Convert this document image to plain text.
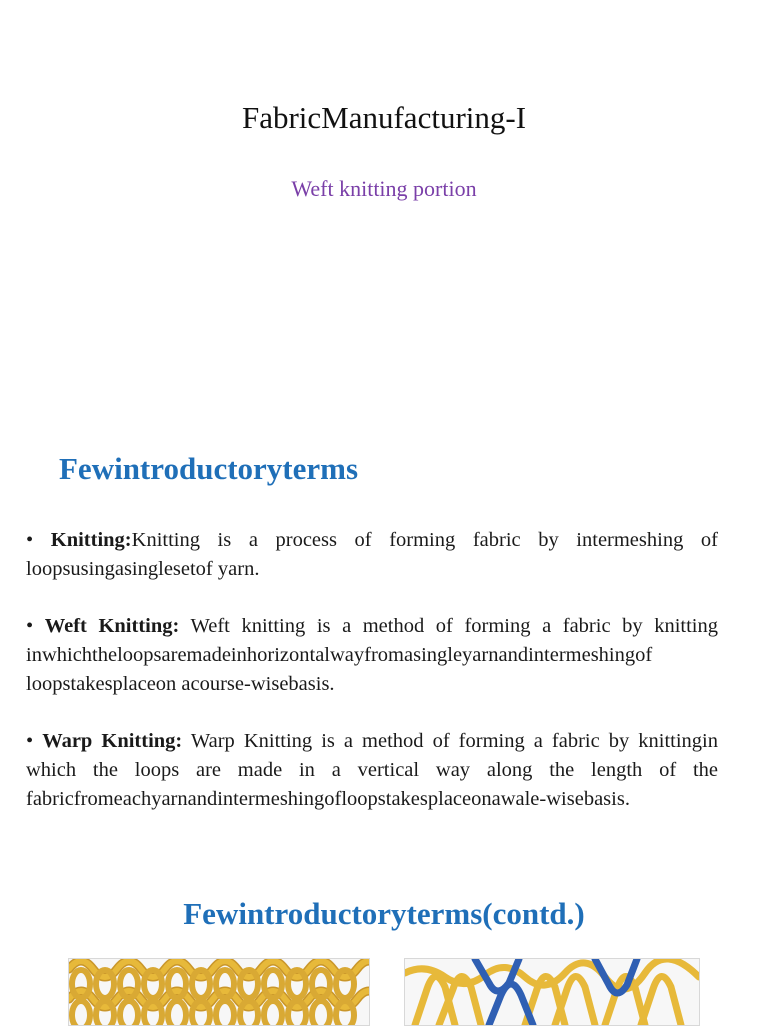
FabricManufacturing-I
Weft knitting portion
Fewintroductoryterms
• Knitting:Knitting is a process of forming fabric by intermeshing of loopsusingasinglesetof yarn.
• Weft Knitting: Weft knitting is a method of forming a fabric by knitting inwhichtheloopsaremadeinhorizontalwayfromasingleyarnandintermeshingof loopstakesplaceon acourse-wisebasis.
• Warp Knitting: Warp Knitting is a method of forming a fabric by knittingin which the loops are made in a vertical way along the length of the fabricfromeachyarnandintermeshingofloopstakesplaceonawale-wisebasis.
Fewintroductoryterms(contd.)
